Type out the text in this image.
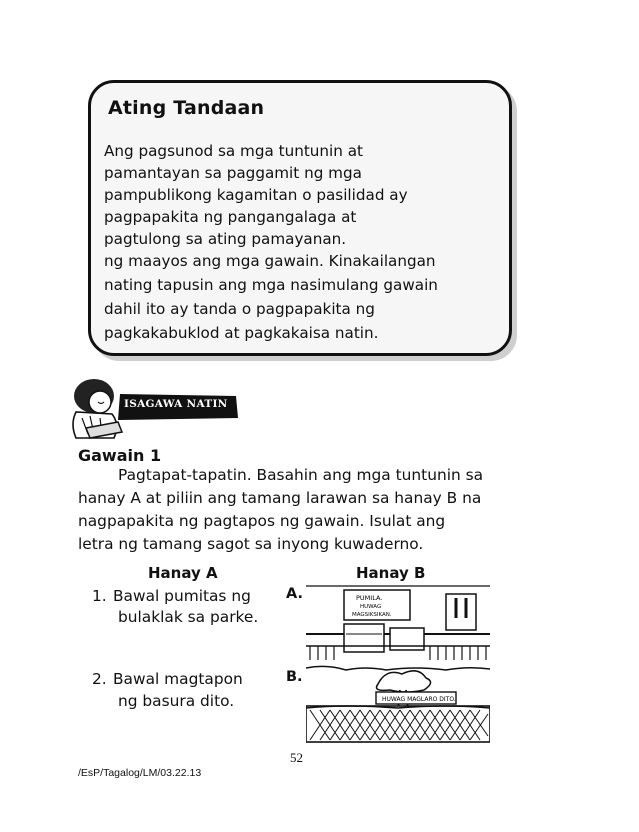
Ating Tandaan
Ang pagsunod sa mga tuntunin at
pamantayan sa paggamit ng mga
pampublikong kagamitan o pasilidad ay
pagpapakita ng pangangalaga at
pagtulong sa ating pamayanan.
ng maayos ang mga gawain. Kinakailangan
nating tapusin ang mga nasimulang gawain
dahil ito ay tanda o pagpapakita ng
pagkakabuklod at pagkakaisa natin.
ISAGAWA NATIN
Gawain 1
Pagtapat-tapatin. Basahin ang mga tuntunin sa
hanay A at piliin ang tamang larawan sa hanay B na
nagpapakita ng pagtapos ng gawain. Isulat ang
letra ng tamang sagot sa inyong kuwaderno.
Hanay A	Hanay B
1. Bawal pumitas ng
bulaklak sa parke.
A.
2. Bawal magtapon
ng basura dito.
B.
PUMILA.
HUWAG
MAGSIKSIKAN.
HUWAG MAGLARO DITO.
52
/EsP/Tagalog/LM/03.22.13
